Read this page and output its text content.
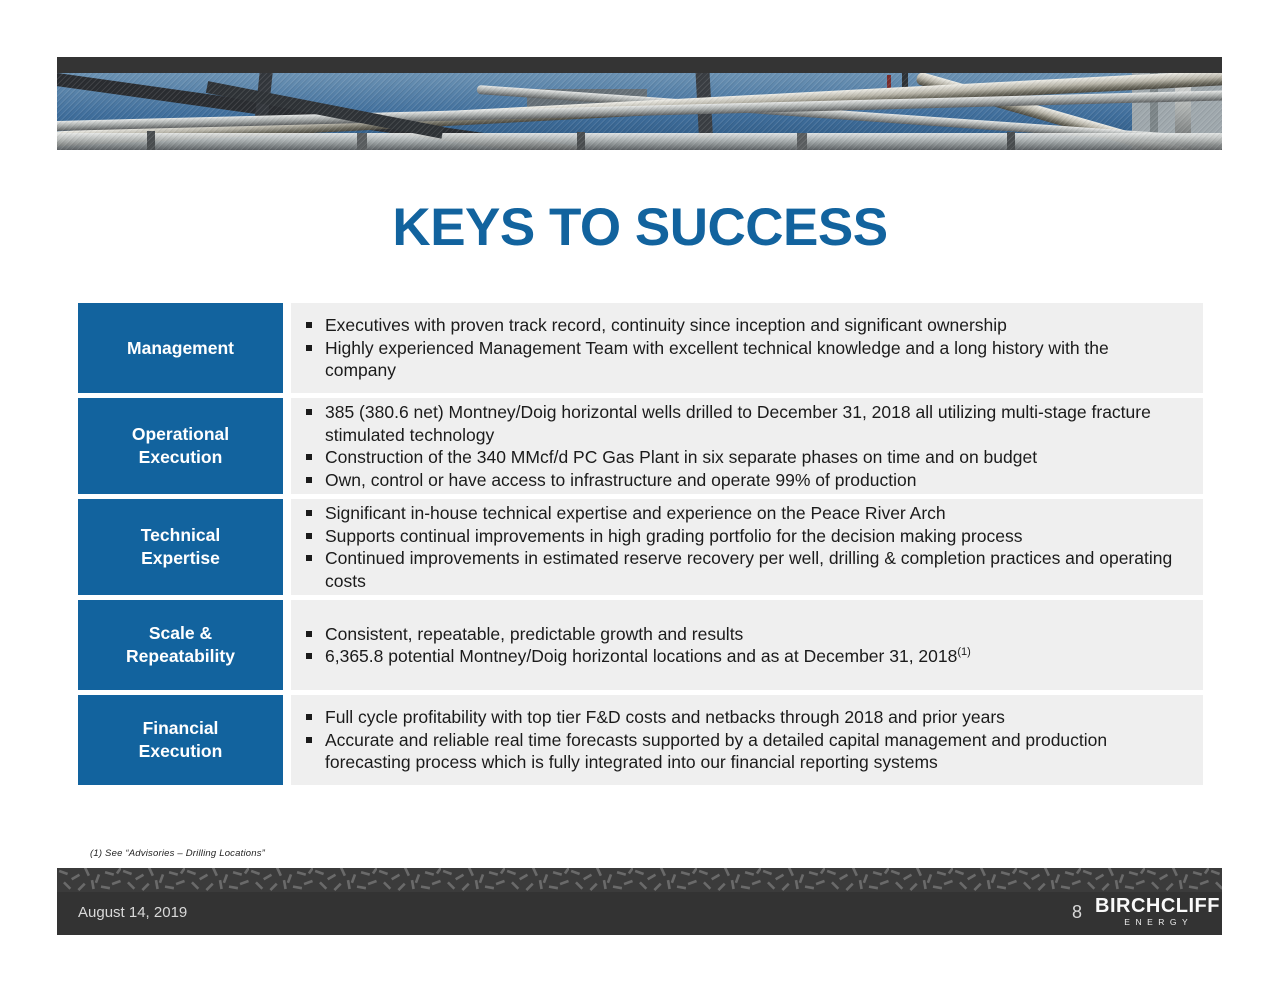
KEYS TO SUCCESS
Management
Executives with proven track record, continuity since inception and significant ownership
Highly experienced Management Team with excellent technical knowledge and a long history with the company
Operational Execution
385 (380.6 net) Montney/Doig horizontal wells drilled to December 31, 2018 all utilizing multi-stage fracture stimulated technology
Construction of the 340 MMcf/d PC Gas Plant in six separate phases on time and on budget
Own, control or have access to infrastructure and operate 99% of production
Technical Expertise
Significant in-house technical expertise and experience on the Peace River Arch
Supports continual improvements in high grading portfolio for the decision making process
Continued improvements in estimated reserve recovery per well, drilling & completion practices and operating costs
Scale & Repeatability
Consistent, repeatable, predictable growth and results
6,365.8 potential Montney/Doig horizontal locations and as at December 31, 2018$^{(1)}$
Financial Execution
Full cycle profitability with top tier F&D costs and netbacks through 2018 and prior years
Accurate and reliable real time forecasts supported by a detailed capital management and production forecasting process which is fully integrated into our financial reporting systems
(1) See “Advisories – Drilling Locations”
August 14, 2019	8 BIRCHCLIFF
ENERGY
